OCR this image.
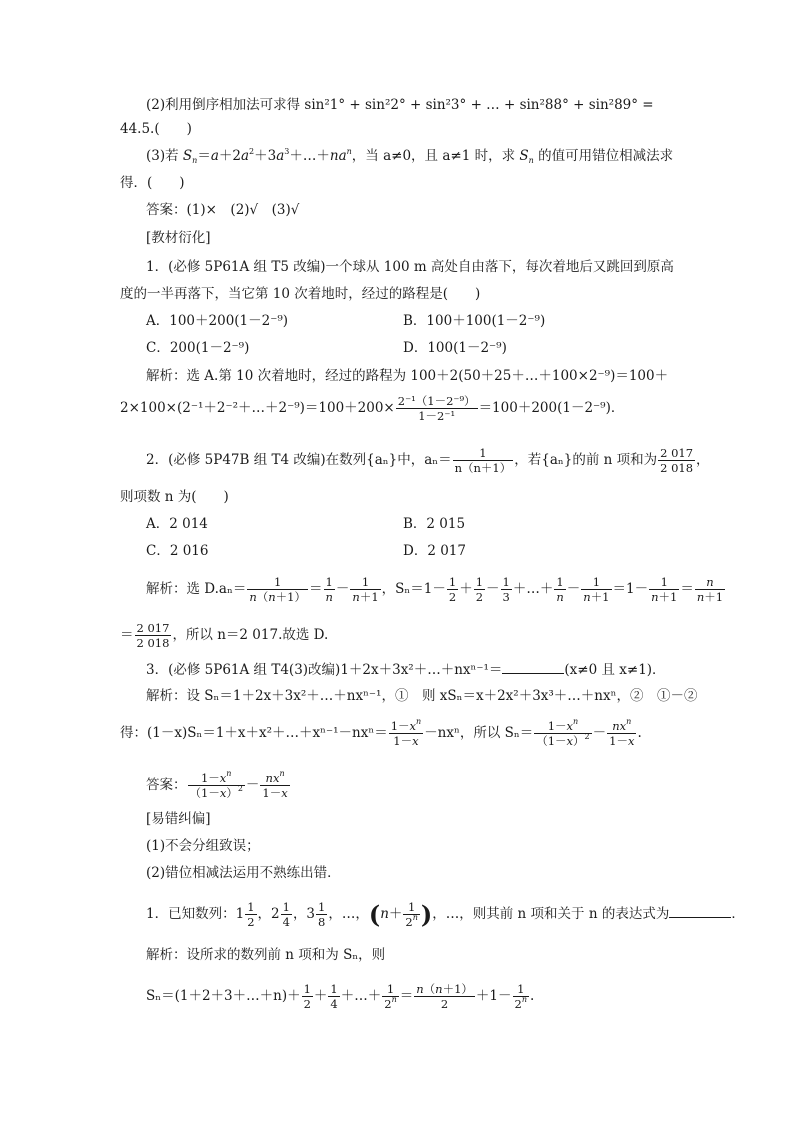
(2)利用倒序相加法可求得 sin²1° + sin²2° + sin²3° + … + sin²88° + sin²89° =
44.5.(　　)
(3)若 $S_n=a+2a^2+3a^3+\dots+na^n$，当 a≠0，且 a≠1 时，求 $S_n$ 的值可用错位相减法求
得．(　　)
答案：(1)×　(2)√　(3)√
[教材衍化]
1．(必修 5P61A 组 T5 改编)一个球从 100 m 高处自由落下，每次着地后又跳回到原高
度的一半再落下，当它第 10 次着地时，经过的路程是(　　)
A．100＋200(1－2⁻⁹)	B．100＋100(1－2⁻⁹)
C．200(1－2⁻⁹)	D．100(1－2⁻⁹)
解析：选 A.第 10 次着地时，经过的路程为 100＋2(50＋25＋…＋100×2⁻⁹)＝100＋
2×100×(2⁻¹＋2⁻²＋…＋2⁻⁹)＝100＋200× $\frac{\text{2⁻¹（1－2⁻⁹）}}{\text{1－2⁻¹}} =100+200(1-2^{-9})$．
2．(必修 5P47B 组 T4 改编)在数列{aₙ}中，$a_n= \frac{1}{n(n+1)}$ ，若{aₙ}的前 n 项和为 $\frac{2 017}{2 018}$ ，
则项数 n 为(　　)
A．2 014	B．2 015
C．2 016	D．2 017
解析：选 $D.a_n= \frac{1}{n(n+1)} = \frac{1}{n} - \frac{1}{n+1}$ ，$S_n=1- \frac{1}{2} + \frac{1}{2} - \frac{1}{3}$ ＋…＋ $\frac{1}{n} - \frac{1}{n+1} =1- \frac{1}{n+1} = \frac{n}{n+1}$
＝ $\frac{2 017}{2 018}$ ，所以 n＝2 017.故选 D.
3．(必修 5P61A 组 T4(3)改编)1＋2x＋3x²＋…＋nxⁿ⁻¹＝	(x≠0 且 x≠1)．
解析：设 Sₙ＝1＋2x＋3x²＋…＋nxⁿ⁻¹，①　则 xSₙ＝x＋2x²＋3x³＋…＋nxⁿ，②　①－②
得：(1－x)Sₙ＝1＋x＋x²＋…＋xⁿ⁻¹－nxⁿ＝ $\frac{1-x^n}{1-x} -nx^n$，所以 $S_n= \frac{1-x^n}{(1-x)^2} - nx^n$
1－x .
答案： $\frac{1-x^n}{(1-x)^2} - nx^n$
1－x
[易错纠偏]
(1)不会分组致误；
(2)错位相减法运用不熟练出错．
1．已知数列：$1 \frac{1}{2}$ ，$2 \frac{1}{4}$ ，$3 \frac{1}{8}$ ，…，($n+ \frac{1}{2^n}$ )，…，则其前 n 项和关于 n 的表达式为	．
解析：设所求的数列前 n 项和为 Sₙ，则
Sₙ＝(1＋2＋3＋…＋n)＋ $\frac{1}{2} + \frac{1}{4}$ ＋…＋ $\frac{1}{2^n} = \frac{n(n+1)}{2} +1- \frac{1}{2^n}$ .
